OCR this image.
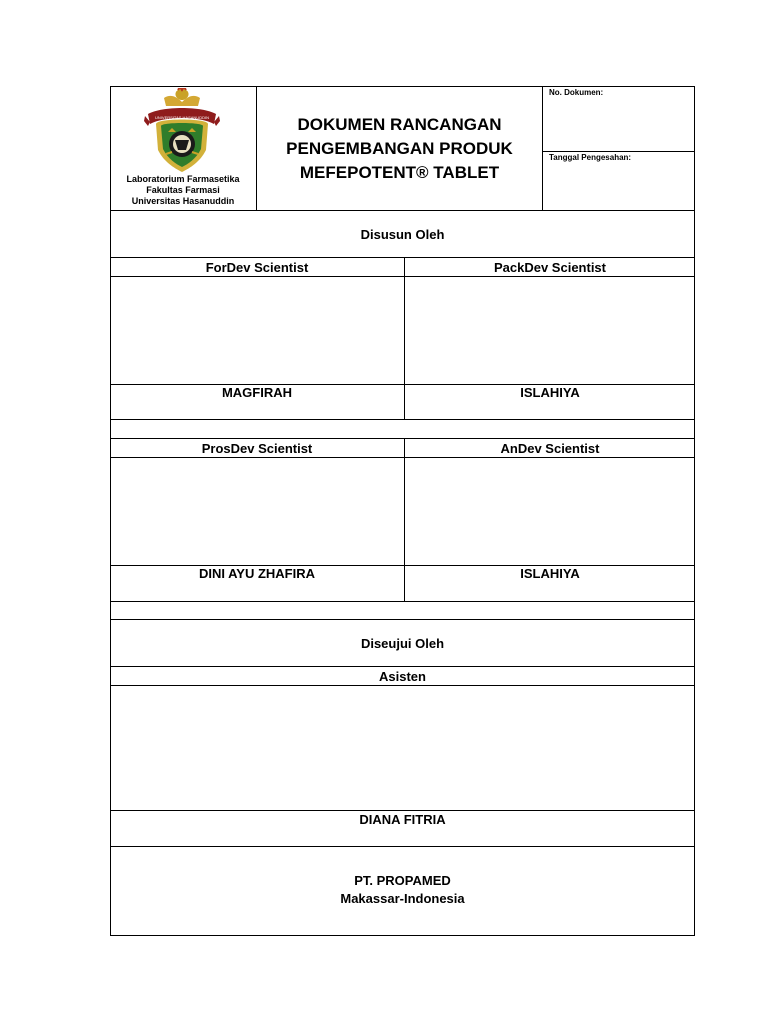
UNIVERSITAS HASANUDDIN
Laboratorium Farmasetika
Fakultas Farmasi
Universitas Hasanuddin
DOKUMEN RANCANGAN
PENGEMBANGAN PRODUK
MEFEPOTENT® TABLET
No. Dokumen:
Tanggal Pengesahan:
Disusun Oleh
ForDev Scientist	PackDev Scientist
MAGFIRAH	ISLAHIYA
ProsDev Scientist	AnDev Scientist
DINI AYU ZHAFIRA	ISLAHIYA
Diseujui Oleh
Asisten
DIANA FITRIA
PT. PROPAMED
Makassar-Indonesia
